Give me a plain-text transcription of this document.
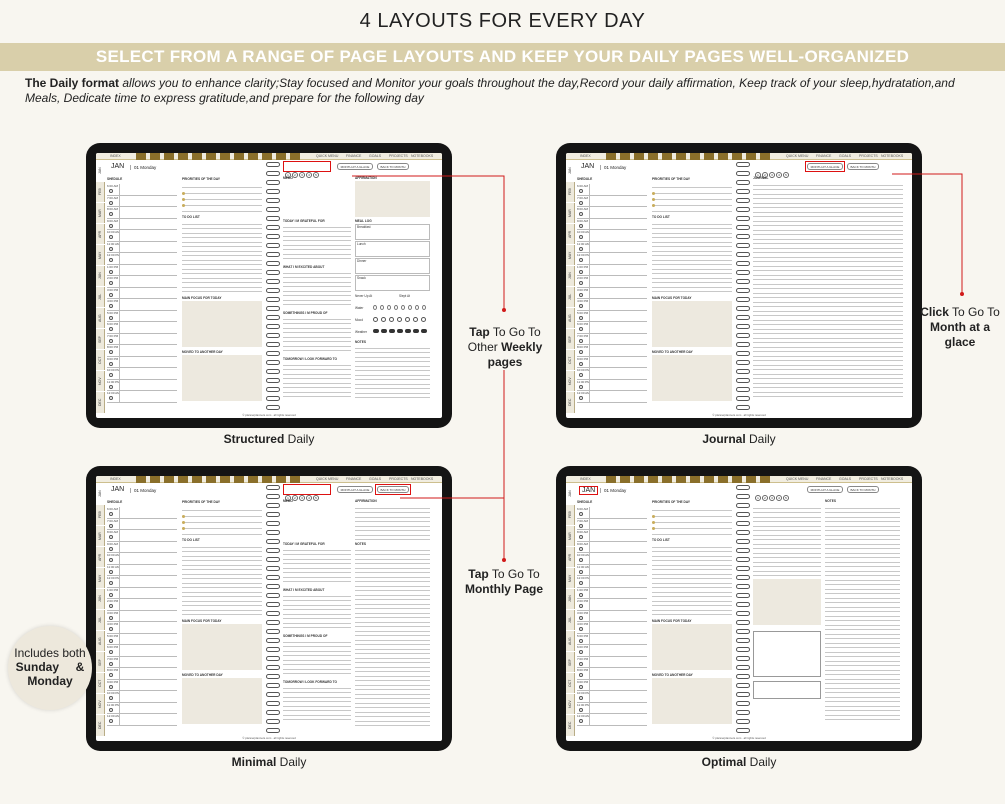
4 LAYOUTS FOR EVERY DAY
SELECT FROM A RANGE OF PAGE LAYOUTS AND KEEP YOUR DAILY PAGES WELL-ORGANIZED
The Daily format allows you to enhance clarity;Stay focused and Monitor your goals throughout the day,Record your daily affirmation, Keep track of your sleep,hydratation,and Meals, Dedicate time to express gratitude,and prepare for the following day
INDEX	QUICK MENU FINANCE GOALS PROJECTS NOTEBOOKS
JAN
FEB
MAR
APR
MAY
JUN
JUL
AUG
SEP
OCT
NOV
DEC
JAN	01 Monday
SHEDULE
6:00 AM
7:00 AM
8:00 AM
9:00 AM
10:00 AM
11:00 AM
12:00 PM
1:00 PM
2:00 PM
3:00 PM
4:00 PM
5:00 PM
6:00 PM
7:00 PM
8:00 PM
9:00 PM
10:00 PM
11:00 PM
12:00 AM
PRIORITIES OF THE DAY
TO DO LIST
MAIN FOCUS FOR TODAY
MOVED TO ANOTHER DAY
1 2 3 4 5
MONTH AT A GLACE	BACK TO MONTH
MEMO	AFFIRMATION
TODAY I M GRATEFUL FOR
WHAT I M EXCITED ABOUT
SOMETHINGS I M PROUD OF
TOMORROW I LOOK FORWARD TO
MEAL LOG
Breakfast
Lunch
Dinner
Snack
Never Up At	Slept At
Water
Mood
Weather
NOTES
© plannerplanners.com . all rights reserved
INDEX	QUICK MENU FINANCE GOALS PROJECTS NOTEBOOKS
JAN
FEB
MAR
APR
MAY
JUN
JUL
AUG
SEP
OCT
NOV
DEC
JAN	01 Monday
SHEDULE
6:00 AM
7:00 AM
8:00 AM
9:00 AM
10:00 AM
11:00 AM
12:00 PM
1:00 PM
2:00 PM
3:00 PM
4:00 PM
5:00 PM
6:00 PM
7:00 PM
8:00 PM
9:00 PM
10:00 PM
11:00 PM
12:00 AM
PRIORITIES OF THE DAY
TO DO LIST
MAIN FOCUS FOR TODAY
MOVED TO ANOTHER DAY
1 2 3 4 5
MONTH AT A GLACE	BACK TO MONTH
JOURNAL
© plannerplanners.com . all rights reserved
INDEX	QUICK MENU FINANCE GOALS PROJECTS NOTEBOOKS
JAN
FEB
MAR
APR
MAY
JUN
JUL
AUG
SEP
OCT
NOV
DEC
JAN	01 Monday
SHEDULE
6:00 AM
7:00 AM
8:00 AM
9:00 AM
10:00 AM
11:00 AM
12:00 PM
1:00 PM
2:00 PM
3:00 PM
4:00 PM
5:00 PM
6:00 PM
7:00 PM
8:00 PM
9:00 PM
10:00 PM
11:00 PM
12:00 AM
PRIORITIES OF THE DAY
TO DO LIST
MAIN FOCUS FOR TODAY
MOVED TO ANOTHER DAY
1 2 3 4 5
MONTH AT A GLACE	BACK TO MONTH
MEMO	AFFIRMATION
TODAY I M GRATEFUL FOR	NOTES
WHAT I M EXCITED ABOUT
SOMETHINGS I M PROUD OF
TOMORROW I LOOK FORWARD TO
© plannerplanners.com . all rights reserved
INDEX	QUICK MENU FINANCE GOALS PROJECTS NOTEBOOKS
JAN
FEB
MAR
APR
MAY
JUN
JUL
AUG
SEP
OCT
NOV
DEC
JAN	01 Monday
SHEDULE
6:00 AM
7:00 AM
8:00 AM
9:00 AM
10:00 AM
11:00 AM
12:00 PM
1:00 PM
2:00 PM
3:00 PM
4:00 PM
5:00 PM
6:00 PM
7:00 PM
8:00 PM
9:00 PM
10:00 PM
11:00 PM
12:00 AM
PRIORITIES OF THE DAY
TO DO LIST
MAIN FOCUS FOR TODAY
MOVED TO ANOTHER DAY
1 2 3 4 5
MONTH AT A GLACE	BACK TO MONTH
NOTES
© plannerplanners.com . all rights reserved
Structured Daily	Journal Daily
Minimal Daily	Optimal Daily
Tap To Go To Other Weekly pages
Click To Go To Month at a glace
Tap To Go To Monthly Page
Includes both
Sunday &
Monday
